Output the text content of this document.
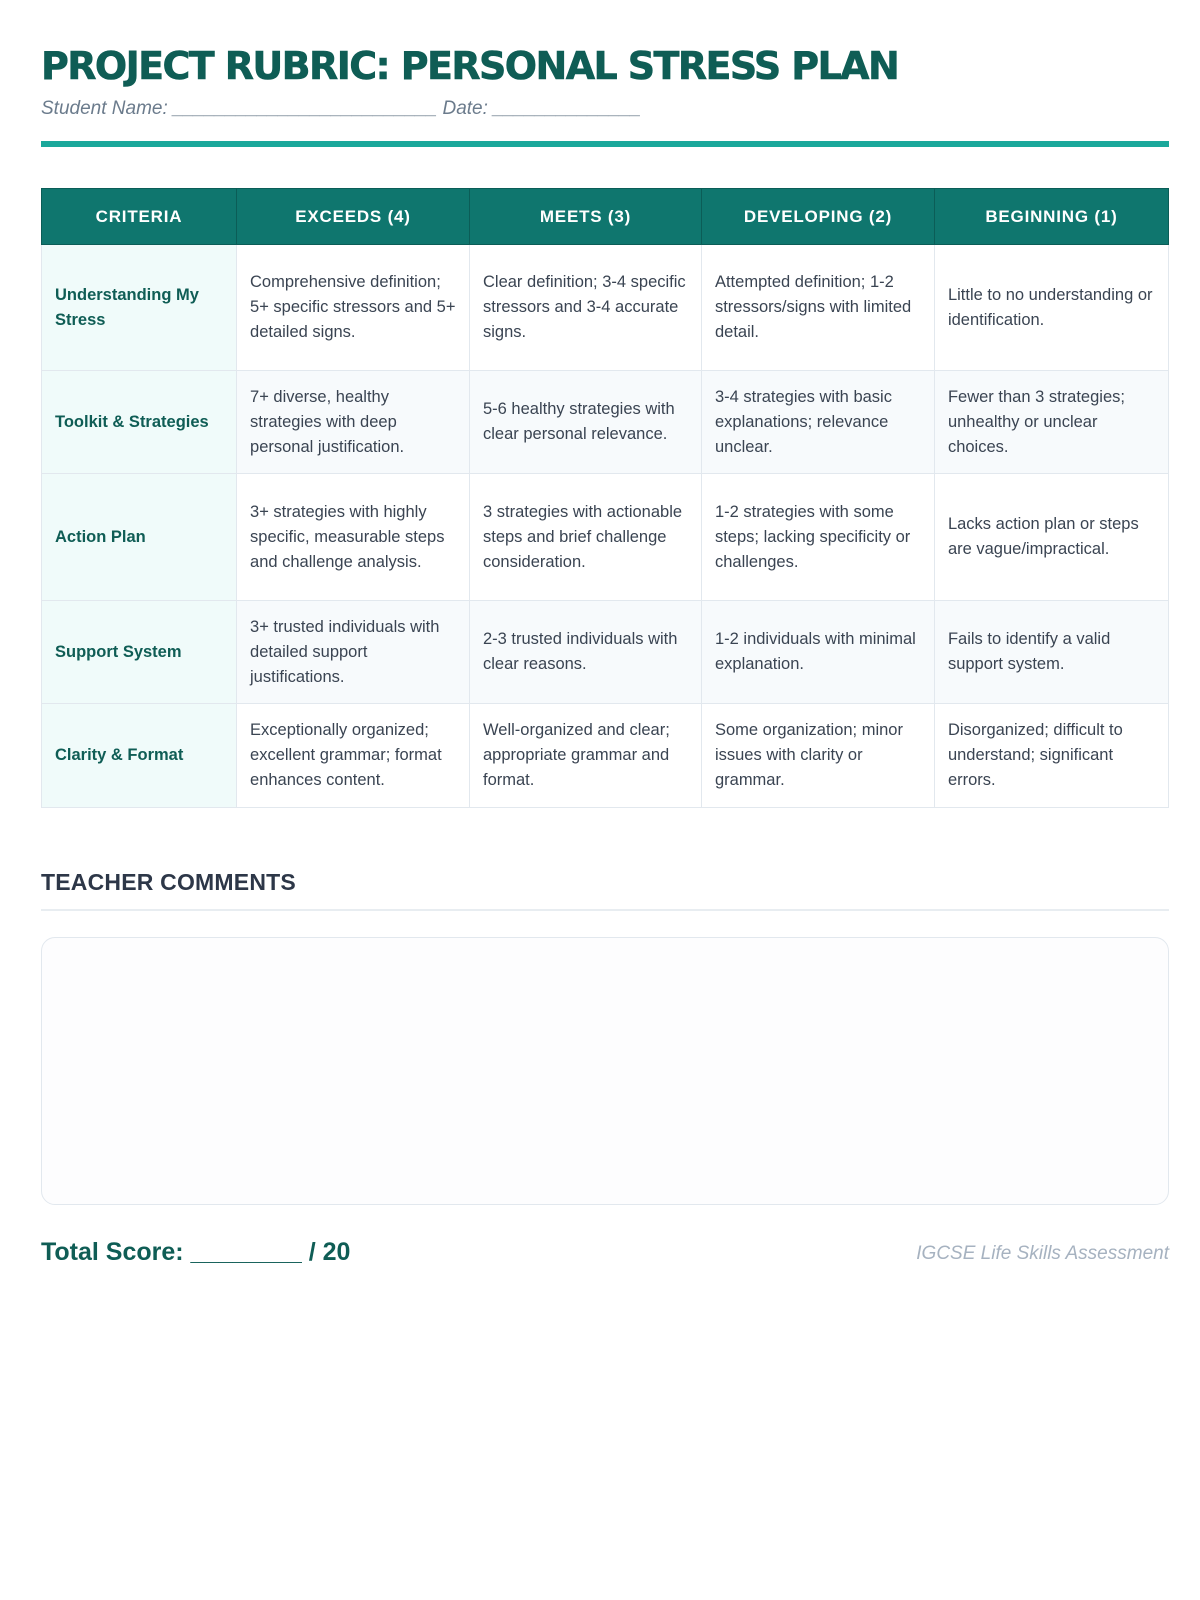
PROJECT RUBRIC: PERSONAL STRESS PLAN
Student Name: _________________________ Date: ______________
CRITERIA	EXCEEDS (4)	MEETS (3)	DEVELOPING (2)	BEGINNING (1)
Understanding My Stress	Comprehensive definition; 5+ specific stressors and 5+ detailed signs.	Clear definition; 3-4 specific stressors and 3-4 accurate signs.	Attempted definition; 1-2 stressors/signs with limited detail.	Little to no understanding or identification.
Toolkit & Strategies	7+ diverse, healthy strategies with deep personal justification.	5-6 healthy strategies with clear personal relevance.	3-4 strategies with basic explanations; relevance unclear.	Fewer than 3 strategies; unhealthy or unclear choices.
Action Plan	3+ strategies with highly specific, measurable steps and challenge analysis.	3 strategies with actionable steps and brief challenge consideration.	1-2 strategies with some steps; lacking specificity or challenges.	Lacks action plan or steps are vague/impractical.
Support System	3+ trusted individuals with detailed support justifications.	2-3 trusted individuals with clear reasons.	1-2 individuals with minimal explanation.	Fails to identify a valid support system.
Clarity & Format	Exceptionally organized; excellent grammar; format enhances content.	Well-organized and clear; appropriate grammar and format.	Some organization; minor issues with clarity or grammar.	Disorganized; difficult to understand; significant errors.
TEACHER COMMENTS
Total Score: ________ / 20	IGCSE Life Skills Assessment
